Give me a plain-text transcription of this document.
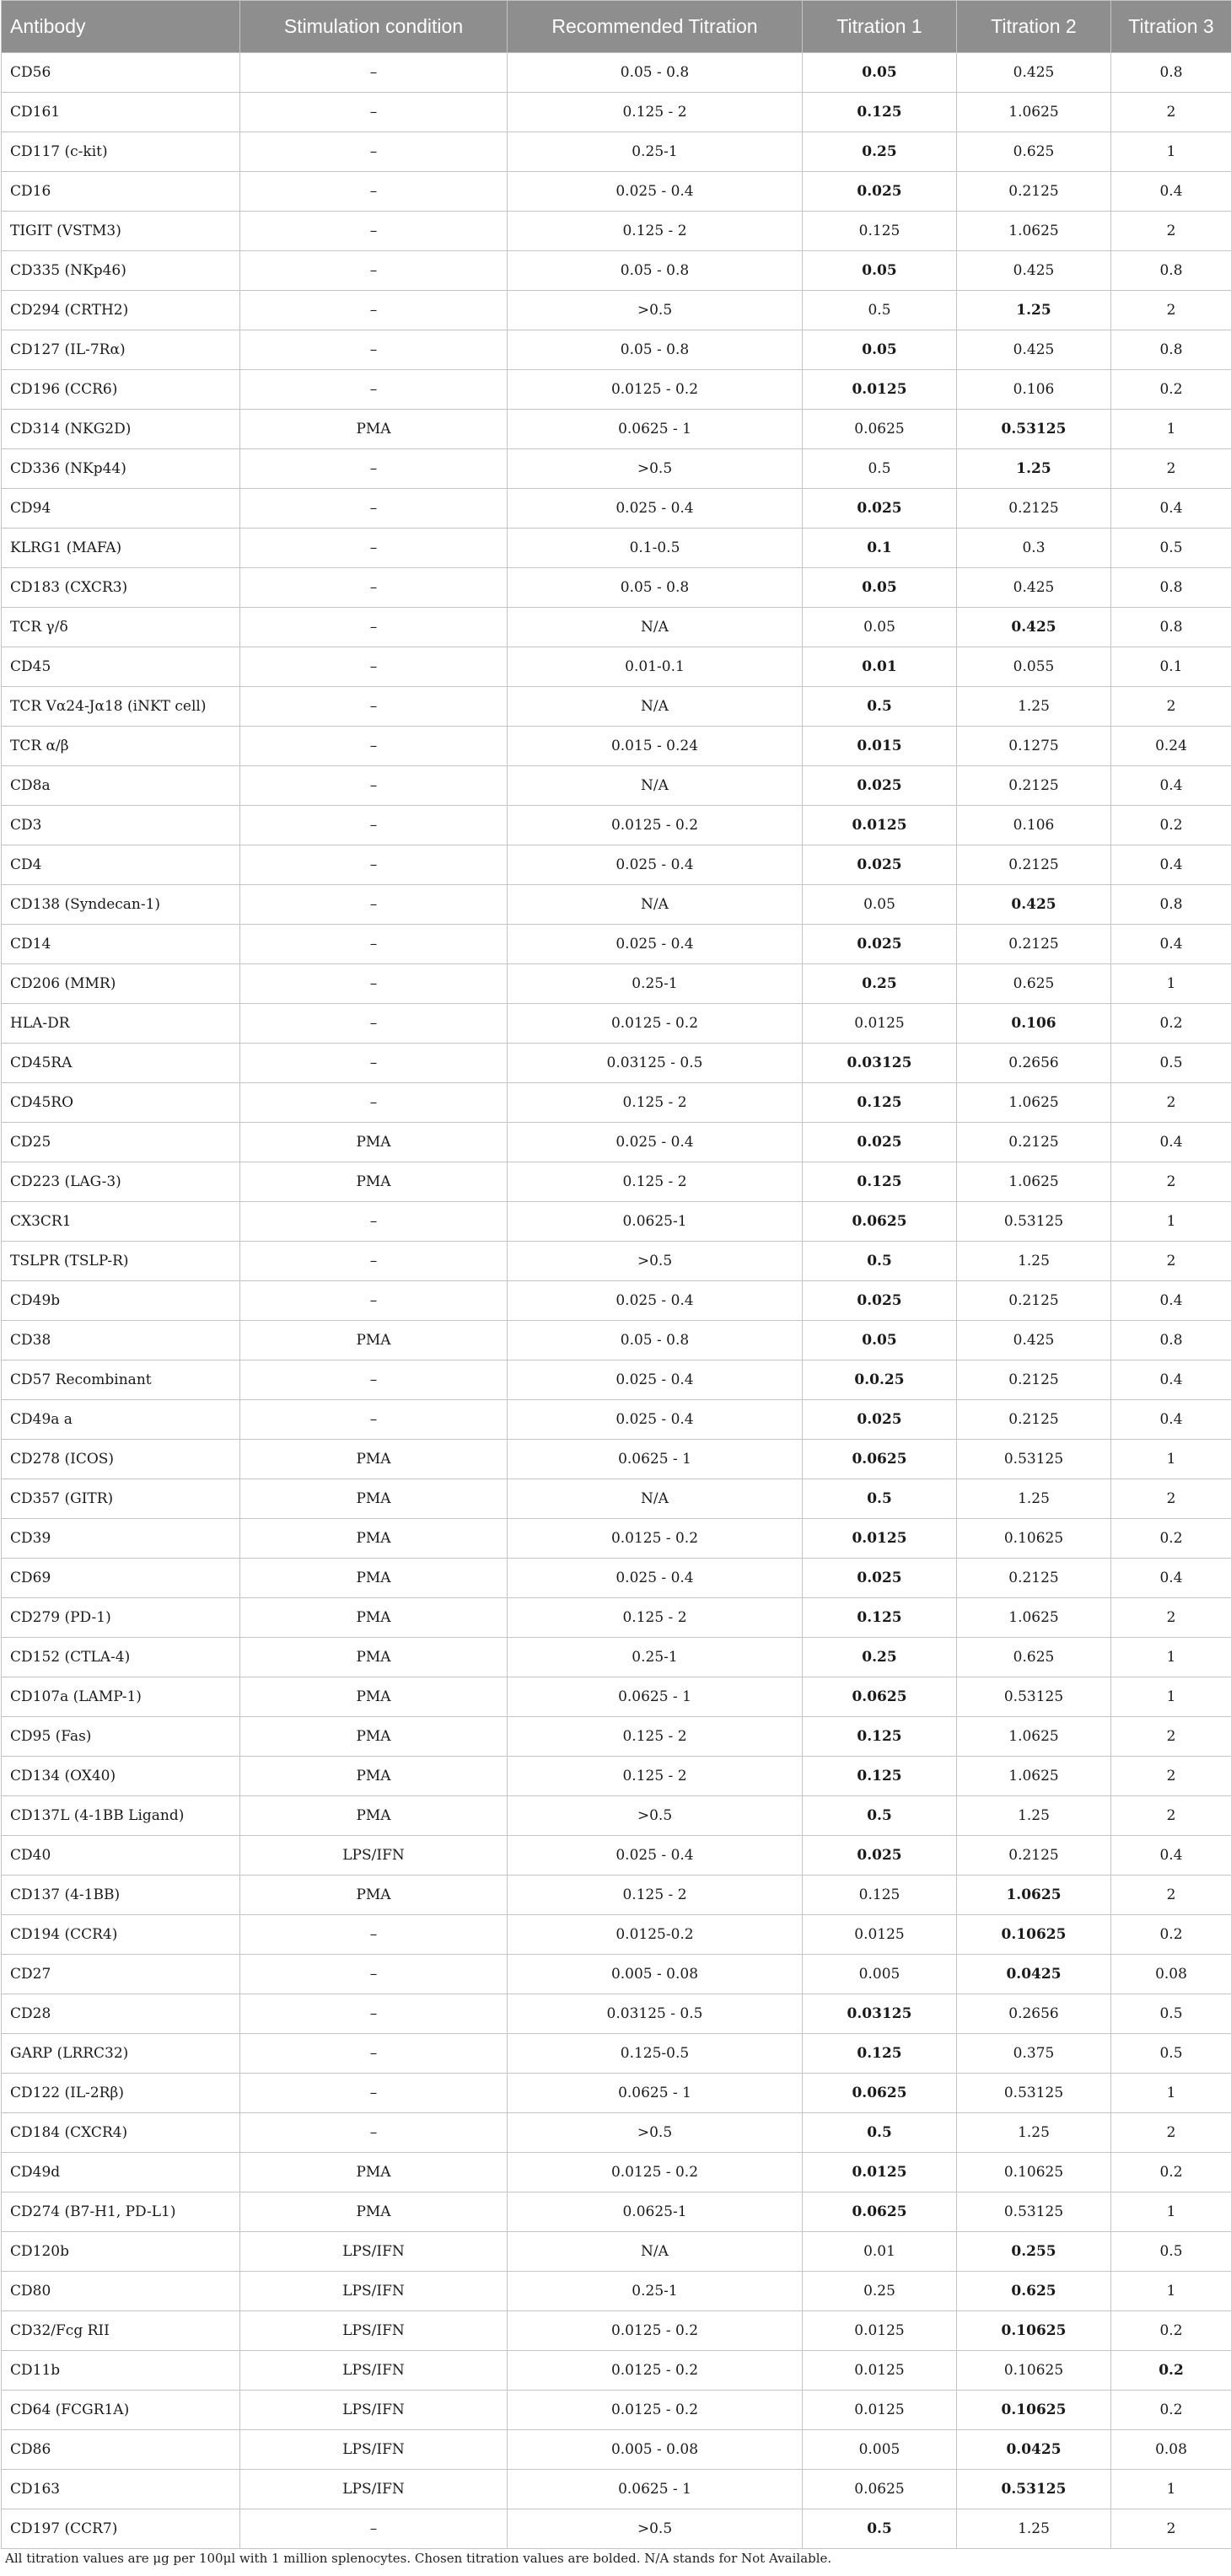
Antibody	Stimulation condition	Recommended Titration	Titration 1	Titration 2	Titration 3
CD56	–	0.05 - 0.8	0.05	0.425	0.8
CD161	–	0.125 - 2	0.125	1.0625	2
CD117 (c-kit)	–	0.25-1	0.25	0.625	1
CD16	–	0.025 - 0.4	0.025	0.2125	0.4
TIGIT (VSTM3)	–	0.125 - 2	0.125	1.0625	2
CD335 (NKp46)	–	0.05 - 0.8	0.05	0.425	0.8
CD294 (CRTH2)	–	>0.5	0.5	1.25	2
CD127 (IL-7Rα)	–	0.05 - 0.8	0.05	0.425	0.8
CD196 (CCR6)	–	0.0125 - 0.2	0.0125	0.106	0.2
CD314 (NKG2D)	PMA	0.0625 - 1	0.0625	0.53125	1
CD336 (NKp44)	–	>0.5	0.5	1.25	2
CD94	–	0.025 - 0.4	0.025	0.2125	0.4
KLRG1 (MAFA)	–	0.1-0.5	0.1	0.3	0.5
CD183 (CXCR3)	–	0.05 - 0.8	0.05	0.425	0.8
TCR γ/δ	–	N/A	0.05	0.425	0.8
CD45	–	0.01-0.1	0.01	0.055	0.1
TCR Vα24-Jα18 (iNKT cell)	–	N/A	0.5	1.25	2
TCR α/β	–	0.015 - 0.24	0.015	0.1275	0.24
CD8a	–	N/A	0.025	0.2125	0.4
CD3	–	0.0125 - 0.2	0.0125	0.106	0.2
CD4	–	0.025 - 0.4	0.025	0.2125	0.4
CD138 (Syndecan-1)	–	N/A	0.05	0.425	0.8
CD14	–	0.025 - 0.4	0.025	0.2125	0.4
CD206 (MMR)	–	0.25-1	0.25	0.625	1
HLA-DR	–	0.0125 - 0.2	0.0125	0.106	0.2
CD45RA	–	0.03125 - 0.5	0.03125	0.2656	0.5
CD45RO	–	0.125 - 2	0.125	1.0625	2
CD25	PMA	0.025 - 0.4	0.025	0.2125	0.4
CD223 (LAG-3)	PMA	0.125 - 2	0.125	1.0625	2
CX3CR1	–	0.0625-1	0.0625	0.53125	1
TSLPR (TSLP-R)	–	>0.5	0.5	1.25	2
CD49b	–	0.025 - 0.4	0.025	0.2125	0.4
CD38	PMA	0.05 - 0.8	0.05	0.425	0.8
CD57 Recombinant	–	0.025 - 0.4	0.0.25	0.2125	0.4
CD49a a	–	0.025 - 0.4	0.025	0.2125	0.4
CD278 (ICOS)	PMA	0.0625 - 1	0.0625	0.53125	1
CD357 (GITR)	PMA	N/A	0.5	1.25	2
CD39	PMA	0.0125 - 0.2	0.0125	0.10625	0.2
CD69	PMA	0.025 - 0.4	0.025	0.2125	0.4
CD279 (PD-1)	PMA	0.125 - 2	0.125	1.0625	2
CD152 (CTLA-4)	PMA	0.25-1	0.25	0.625	1
CD107a (LAMP-1)	PMA	0.0625 - 1	0.0625	0.53125	1
CD95 (Fas)	PMA	0.125 - 2	0.125	1.0625	2
CD134 (OX40)	PMA	0.125 - 2	0.125	1.0625	2
CD137L (4-1BB Ligand)	PMA	>0.5	0.5	1.25	2
CD40	LPS/IFN	0.025 - 0.4	0.025	0.2125	0.4
CD137 (4-1BB)	PMA	0.125 - 2	0.125	1.0625	2
CD194 (CCR4)	–	0.0125-0.2	0.0125	0.10625	0.2
CD27	–	0.005 - 0.08	0.005	0.0425	0.08
CD28	–	0.03125 - 0.5	0.03125	0.2656	0.5
GARP (LRRC32)	–	0.125-0.5	0.125	0.375	0.5
CD122 (IL-2Rβ)	–	0.0625 - 1	0.0625	0.53125	1
CD184 (CXCR4)	–	>0.5	0.5	1.25	2
CD49d	PMA	0.0125 - 0.2	0.0125	0.10625	0.2
CD274 (B7-H1, PD-L1)	PMA	0.0625-1	0.0625	0.53125	1
CD120b	LPS/IFN	N/A	0.01	0.255	0.5
CD80	LPS/IFN	0.25-1	0.25	0.625	1
CD32/Fcg RII	LPS/IFN	0.0125 - 0.2	0.0125	0.10625	0.2
CD11b	LPS/IFN	0.0125 - 0.2	0.0125	0.10625	0.2
CD64 (FCGR1A)	LPS/IFN	0.0125 - 0.2	0.0125	0.10625	0.2
CD86	LPS/IFN	0.005 - 0.08	0.005	0.0425	0.08
CD163	LPS/IFN	0.0625 - 1	0.0625	0.53125	1
CD197 (CCR7)	–	>0.5	0.5	1.25	2
All titration values are μg per 100μl with 1 million splenocytes. Chosen titration values are bolded. N/A stands for Not Available.
